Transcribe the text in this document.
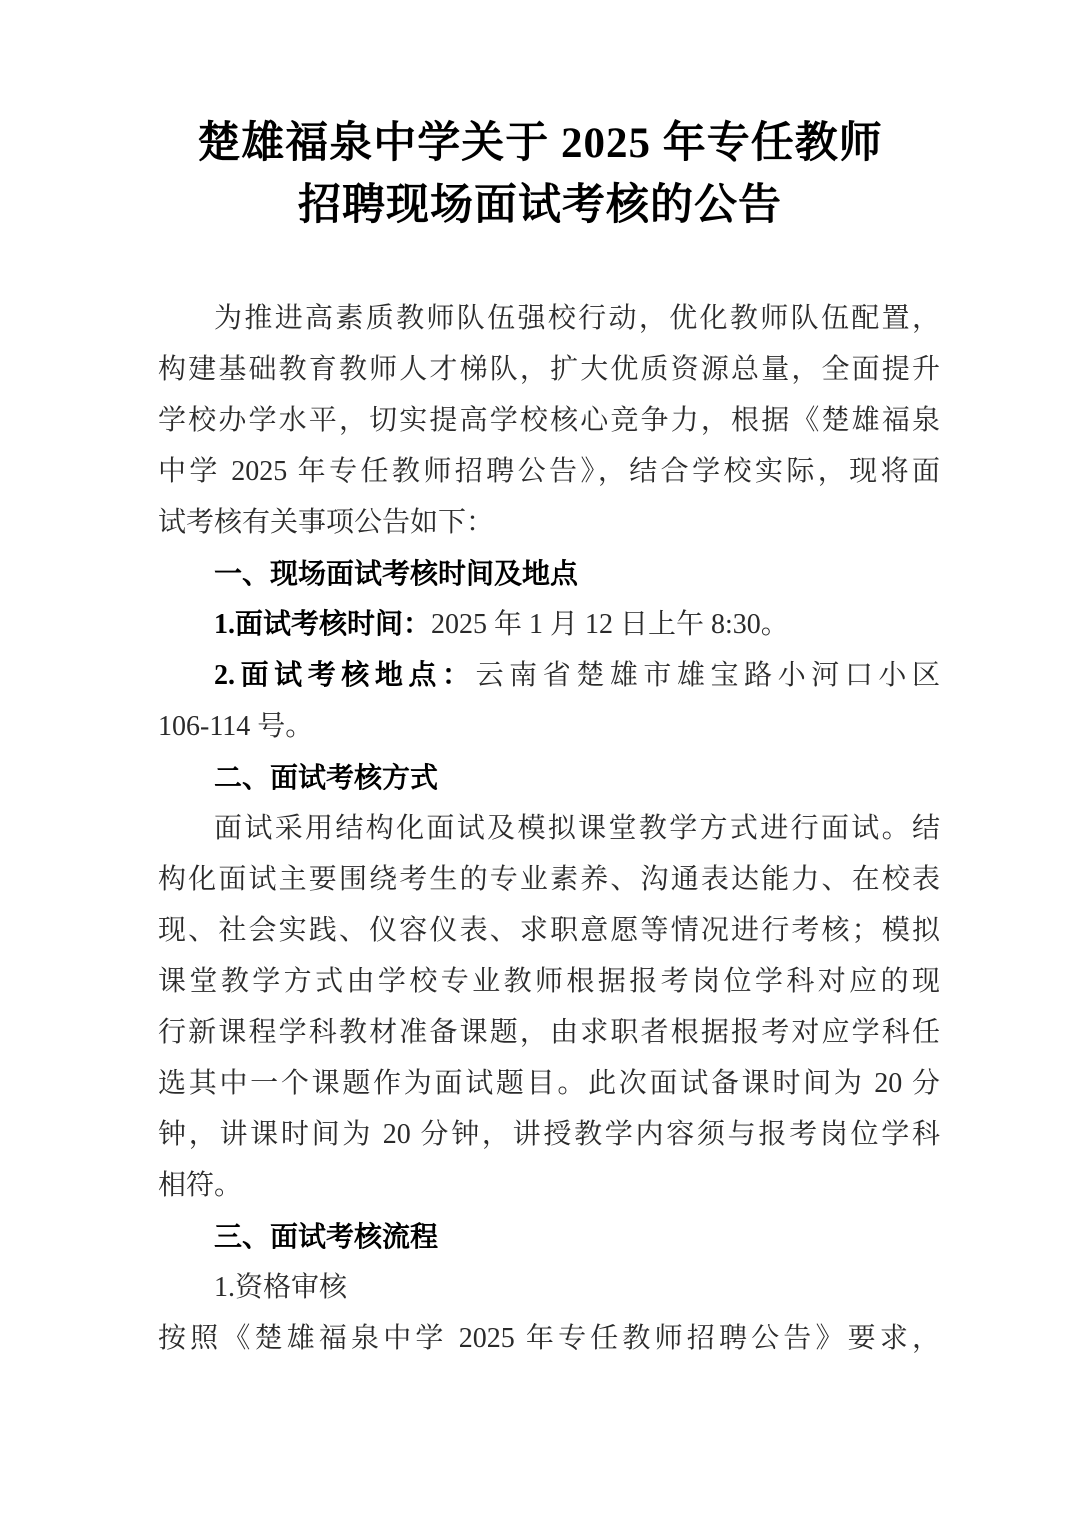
楚雄福泉中学关于 2025 年专任教师
招聘现场面试考核的公告
为推进高素质教师队伍强校行动，优化教师队伍配置，
构建基础教育教师人才梯队，扩大优质资源总量，全面提升
学校办学水平，切实提高学校核心竞争力，根据《楚雄福泉
中学 2025 年专任教师招聘公告》，结合学校实际，现将面
试考核有关事项公告如下：
一、现场面试考核时间及地点
1.面试考核时间：2025 年 1 月 12 日上午 8:30。
2.面试考核地点：云南省楚雄市雄宝路小河口小区
106-114 号。
二、面试考核方式
面试采用结构化面试及模拟课堂教学方式进行面试。结
构化面试主要围绕考生的专业素养、沟通表达能力、在校表
现、社会实践、仪容仪表、求职意愿等情况进行考核；模拟
课堂教学方式由学校专业教师根据报考岗位学科对应的现
行新课程学科教材准备课题，由求职者根据报考对应学科任
选其中一个课题作为面试题目。此次面试备课时间为 20 分
钟，讲课时间为 20 分钟，讲授教学内容须与报考岗位学科
相符。
三、面试考核流程
1.资格审核
按照《楚雄福泉中学 2025 年专任教师招聘公告》要求，
